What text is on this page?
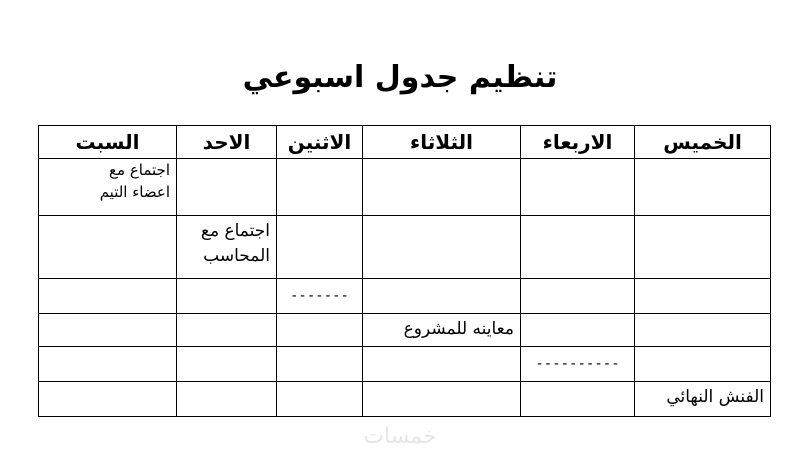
تنظيم جدول اسبوعي
الخميس	الاربعاء	الثلاثاء	الاثنين	الاحد	السبت

					اجتماع مع
اعضاء التيم

				اجتماع مع
المحاسب	

			-------		

		معاينه للمشروع			

	----------				

الفنش النهائي					

خمسات
